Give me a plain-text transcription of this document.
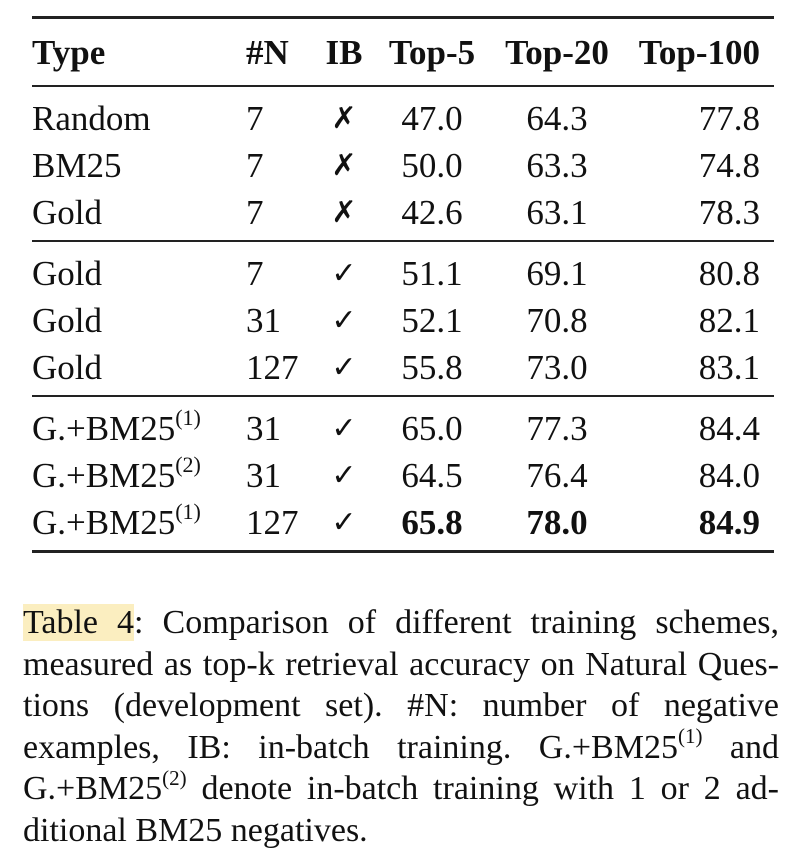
Type	#N	IB	Top-5	Top-20	Top-100
Random	7	✗	47.0	64.3	77.8
BM25	7	✗	50.0	63.3	74.8
Gold	7	✗	42.6	63.1	78.3
Gold	7	✓	51.1	69.1	80.8
Gold	31	✓	52.1	70.8	82.1
Gold	127	✓	55.8	73.0	83.1
$G.+BM25^{(1)}$	31	✓	65.0	77.3	84.4
$G.+BM25^{(2)}$	31	✓	64.5	76.4	84.0
$G.+BM25^{(1)}$	127	✓	65.8	78.0	84.9
Table 4: Comparison of different training schemes,
measured as top-k retrieval accuracy on Natural Ques-
tions (development set). #N: number of negative
examples, IB: in-batch training. $G.+BM25^{(1)}$ and
$G.+BM25^{(2)}$ denote in-batch training with 1 or 2 ad-
ditional BM25 negatives.
